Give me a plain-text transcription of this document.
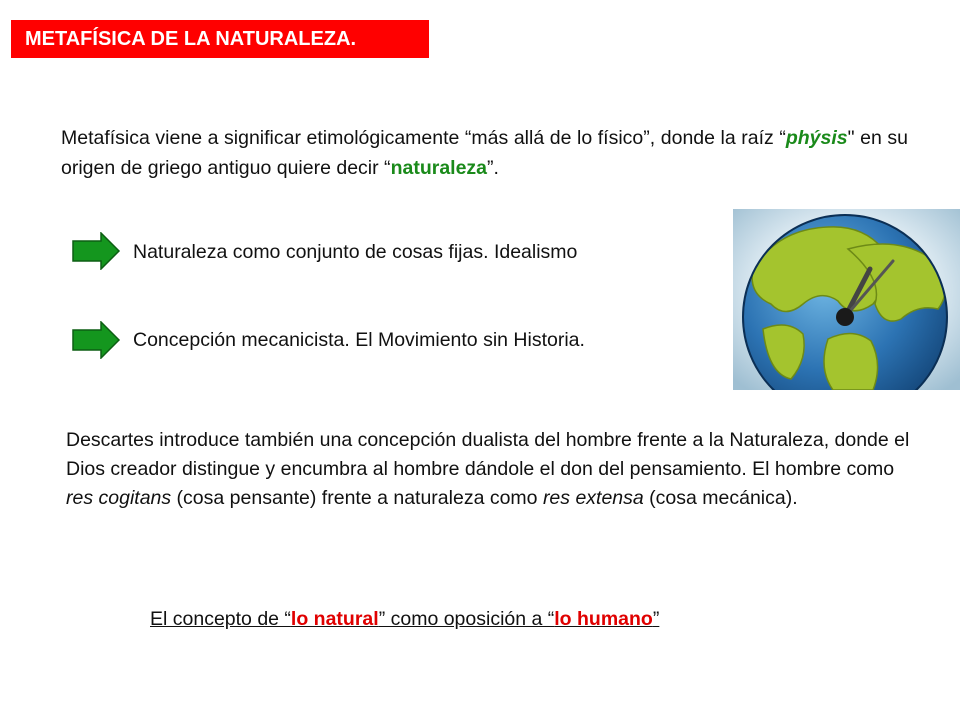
METAFÍSICA DE LA NATURALEZA.

Metafísica viene a significar etimológicamente “más allá de lo físico”, donde la raíz “phýsis" en su origen de griego antiguo quiere decir “naturaleza”.

Naturaleza como conjunto de cosas fijas. Idealismo
Concepción mecanicista. El Movimiento sin Historia.

Descartes introduce también una concepción dualista del hombre frente a la Naturaleza, donde el Dios creador distingue y encumbra al hombre dándole el don del pensamiento. El hombre como res cogitans (cosa pensante) frente a naturaleza como res extensa (cosa mecánica).

El concepto de “lo natural” como oposición a “lo humano”
